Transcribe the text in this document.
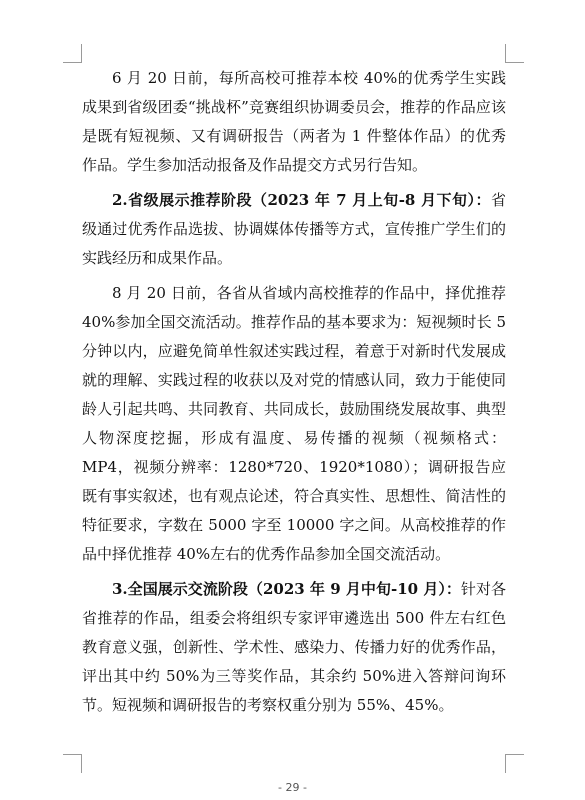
6 月 20 日前，每所高校可推荐本校 40%的优秀学生实践成果到省级团委“挑战杯”竞赛组织协调委员会，推荐的作品应该是既有短视频、又有调研报告（两者为 1 件整体作品）的优秀作品。学生参加活动报备及作品提交方式另行告知。

2.省级展示推荐阶段（2023 年 7 月上旬-8 月下旬）：省级通过优秀作品选拔、协调媒体传播等方式，宣传推广学生们的实践经历和成果作品。

8 月 20 日前，各省从省域内高校推荐的作品中，择优推荐 40%参加全国交流活动。推荐作品的基本要求为：短视频时长 5 分钟以内，应避免简单性叙述实践过程，着意于对新时代发展成就的理解、实践过程的收获以及对党的情感认同，致力于能使同龄人引起共鸣、共同教育、共同成长，鼓励围绕发展故事、典型人物深度挖掘，形成有温度、易传播的视频（视频格式：MP4，视频分辨率：1280*720、1920*1080）；调研报告应既有事实叙述，也有观点论述，符合真实性、思想性、简洁性的特征要求，字数在 5000 字至 10000 字之间。从高校推荐的作品中择优推荐 40%左右的优秀作品参加全国交流活动。

3.全国展示交流阶段（2023 年 9 月中旬-10 月）：针对各省推荐的作品，组委会将组织专家评审遴选出 500 件左右红色教育意义强，创新性、学术性、感染力、传播力好的优秀作品，评出其中约 50%为三等奖作品，其余约 50%进入答辩问询环节。短视频和调研报告的考察权重分别为 55%、45%。

- 29 -
